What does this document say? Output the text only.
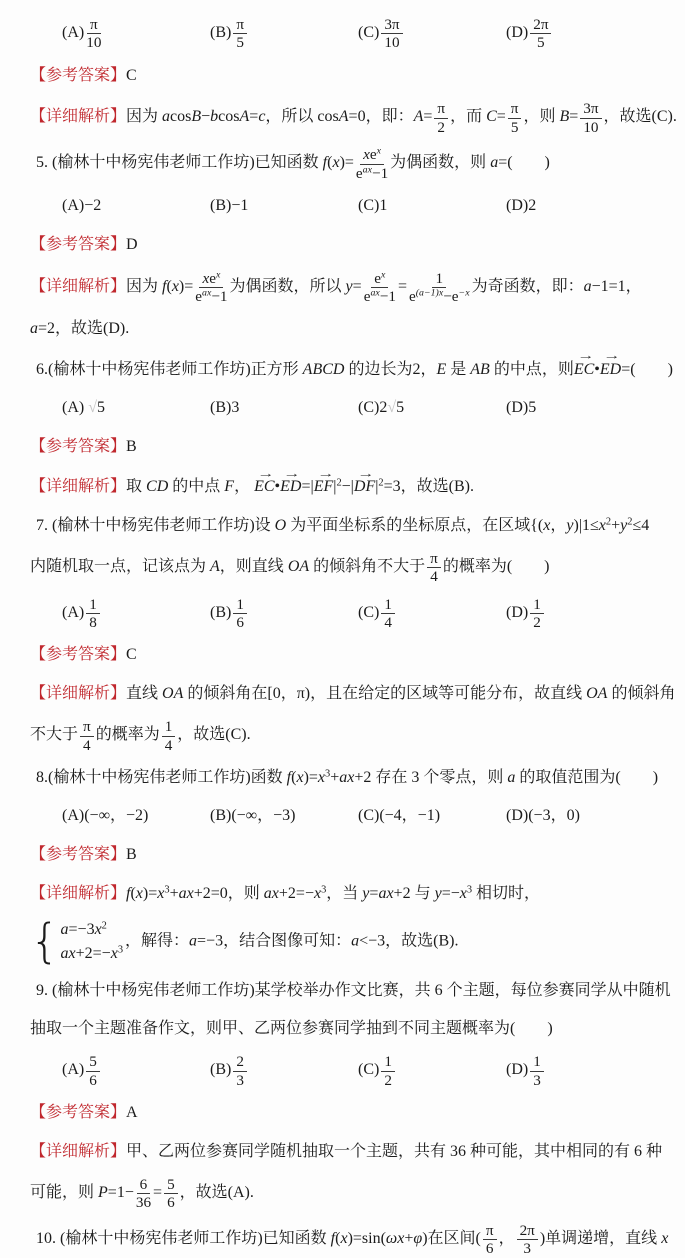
$(A) \frac{\pi}{10}$	$(B) \frac{\pi}{5}$	$(C) \frac{3\pi}{10}$	$(D) \frac{2\pi}{5}$
【参考答案】C
【详细解析】因为 acosB−bcosA=c，所以 cosA=0，即：$A= \frac{\pi}{2}$ ，而 $C= \frac{\pi}{5}$ ，则 $B= \frac{3\pi}{10}$ ，故选(C).
5. (榆林十中杨宪伟老师工作坊)已知函数 $f(x)= \frac{xe^x}{e^{ax}-1}$ 为偶函数，则 a=(　　)
(A)−2	(B)−1	(C)1	(D)2
【参考答案】D
【详细解析】因为 $f(x)= \frac{xe^x}{e^{ax}-1}$ 为偶函数，所以 $y= \frac{e^x}{e^{ax}-1} = \frac{1}{e^{(a-1)x}-e^{-x}}$ 为奇函数，即：a−1=1，
a=2，故选(D).
6.(榆林十中杨宪伟老师工作坊)正方形 ABCD 的边长为2，E 是 AB 的中点，则EC
→
•ED
→
=(　　)
(A) √5	(B)3	(C)2√5	(D)5
【参考答案】B
【详细解析】取 CD 的中点 F， EC
→
•ED
→
=|EF
→
$|^2-|DF$
→
$|^2=3$，故选(B).
7. (榆林十中杨宪伟老师工作坊)设 O 为平面坐标系的坐标原点，在区域{(x，$y)|1\le x^2+y^2\le 4$
内随机取一点，记该点为 A，则直线 OA 的倾斜角不大于 $\frac{\pi}{4}$ 的概率为(　　)
$(A) \frac{1}{8}$	$(B) \frac{1}{6}$	$(C) \frac{1}{4}$	$(D) \frac{1}{2}$
【参考答案】C
【详细解析】直线 OA 的倾斜角在[0，π)，且在给定的区域等可能分布，故直线 OA 的倾斜角
不大于 $\frac{\pi}{4}$ 的概率为 $\frac{1}{4}$ ，故选(C).
8.(榆林十中杨宪伟老师工作坊)函数 $f(x)=x^3+ax+2$ 存在 3 个零点，则 a 的取值范围为(　　)
(A)(−∞，−2)	(B)(−∞，−3)	(C)(−4，−1)	(D)(−3，0)
【参考答案】B
【详细解析】$f(x)=x^3+ax+2=0$，则 $ax+2=-x^3$，当 y=ax+2 与 $y=-x^3$ 相切时，
{ $a=-3x^2$
$ax+2=-x^3$
，解得：a=−3，结合图像可知：a<−3，故选(B).
9. (榆林十中杨宪伟老师工作坊)某学校举办作文比赛，共 6 个主题，每位参赛同学从中随机
抽取一个主题准备作文，则甲、乙两位参赛同学抽到不同主题概率为(　　)
$(A) \frac{5}{6}$	$(B) \frac{2}{3}$	$(C) \frac{1}{2}$	$(D) \frac{1}{3}$
【参考答案】A
【详细解析】甲、乙两位参赛同学随机抽取一个主题，共有 36 种可能，其中相同的有 6 种
可能，则 $P=1- \frac{6}{36} = \frac{5}{6}$ ，故选(A).
10. (榆林十中杨宪伟老师工作坊)已知函数 f(x)=sin(ωx+φ)在区间( $\frac{\pi}{6}$ ， $\frac{2\pi}{3}$ )单调递增，直线 x
